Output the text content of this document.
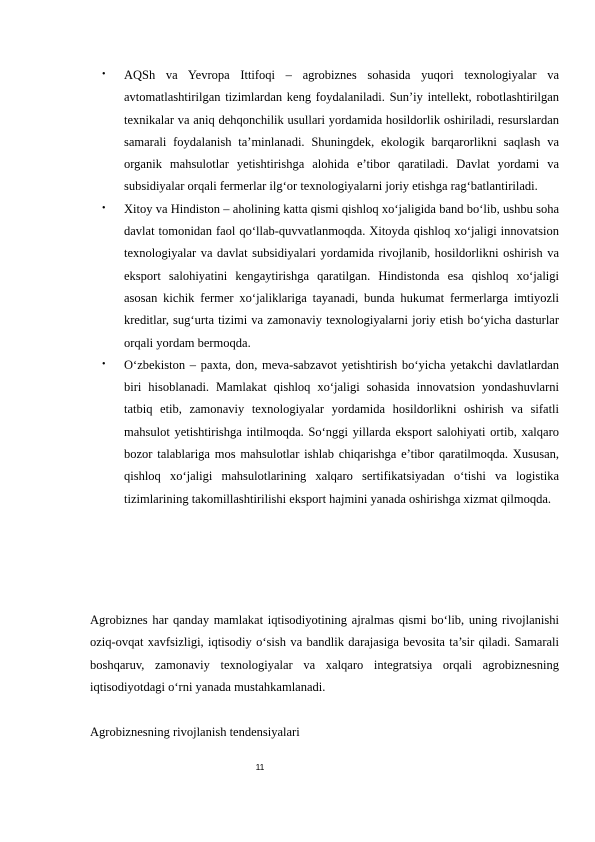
• AQSh va Yevropa Ittifoqi – agrobiznes sohasida yuqori texnologiyalar va avtomatlashtirilgan tizimlardan keng foydalaniladi. Sun’iy intellekt, robotlashtirilgan texnikalar va aniq dehqonchilik usullari yordamida hosildorlik oshiriladi, resurslardan samarali foydalanish ta’minlanadi. Shuningdek, ekologik barqarorlikni saqlash va organik mahsulotlar yetishtirishga alohida e’tibor qaratiladi. Davlat yordami va subsidiyalar orqali fermerlar ilg‘or texnologiyalarni joriy etishga rag‘batlantiriladi.

• Xitoy va Hindiston – aholining katta qismi qishloq xo‘jaligida band bo‘lib, ushbu soha davlat tomonidan faol qo‘llab-quvvatlanmoqda. Xitoyda qishloq xo‘jaligi innovatsion texnologiyalar va davlat subsidiyalari yordamida rivojlanib, hosildorlikni oshirish va eksport salohiyatini kengaytirishga qaratilgan. Hindistonda esa qishloq xo‘jaligi asosan kichik fermer xo‘jaliklariga tayanadi, bunda hukumat fermerlarga imtiyozli kreditlar, sug‘urta tizimi va zamonaviy texnologiyalarni joriy etish bo‘yicha dasturlar orqali yordam bermoqda.

• O‘zbekiston – paxta, don, meva-sabzavot yetishtirish bo‘yicha yetakchi davlatlardan biri hisoblanadi. Mamlakat qishloq xo‘jaligi sohasida innovatsion yondashuvlarni tatbiq etib, zamonaviy texnologiyalar yordamida hosildorlikni oshirish va sifatli mahsulot yetishtirishga intilmoqda. So‘nggi yillarda eksport salohiyati ortib, xalqaro bozor talablariga mos mahsulotlar ishlab chiqarishga e’tibor qaratilmoqda. Xususan, qishloq xo‘jaligi mahsulotlarining xalqaro sertifikatsiyadan o‘tishi va logistika tizimlarining takomillashtirilishi eksport hajmini yanada oshirishga xizmat qilmoqda.

Agrobiznes har qanday mamlakat iqtisodiyotining ajralmas qismi bo‘lib, uning rivojlanishi oziq-ovqat xavfsizligi, iqtisodiy o‘sish va bandlik darajasiga bevosita ta’sir qiladi. Samarali boshqaruv, zamonaviy texnologiyalar va xalqaro integratsiya orqali agrobiznesning iqtisodiyotdagi o‘rni yanada mustahkamlanadi.

Agrobiznesning rivojlanish tendensiyalari

11
